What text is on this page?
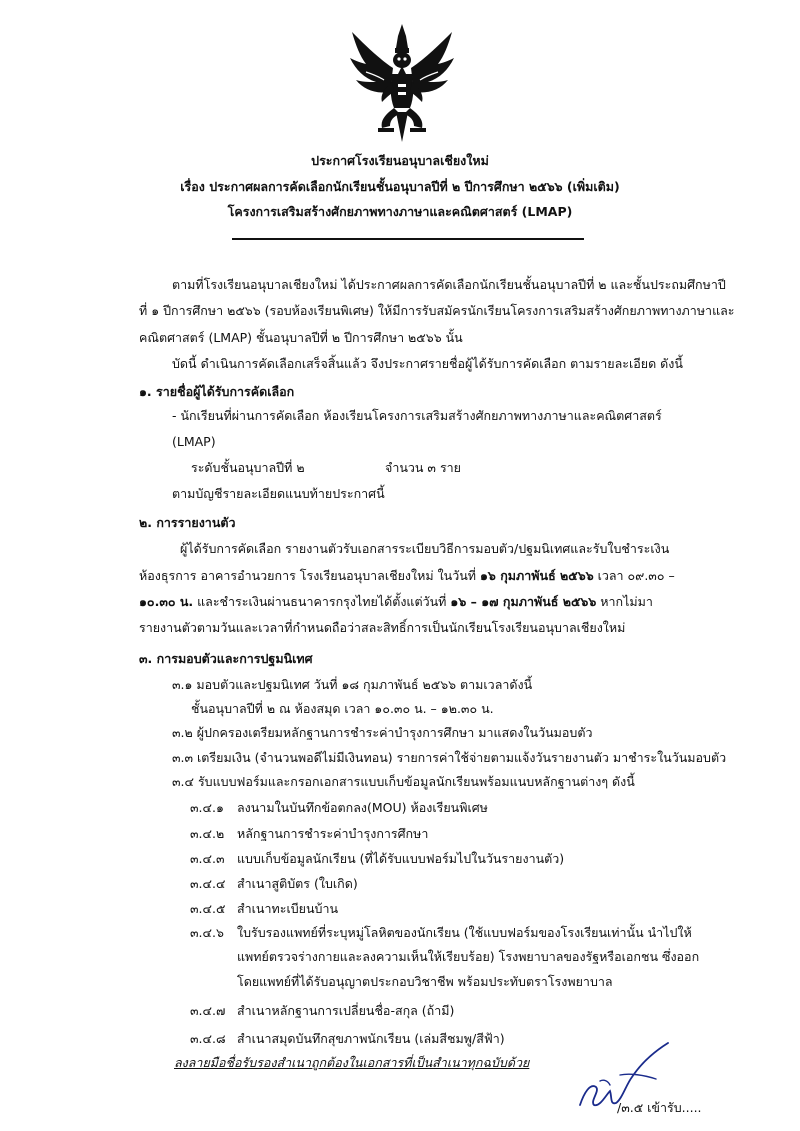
ประกาศโรงเรียนอนุบาลเชียงใหม่
เรื่อง ประกาศผลการคัดเลือกนักเรียนชั้นอนุบาลปีที่ ๒ ปีการศึกษา ๒๕๖๖ (เพิ่มเติม)
โครงการเสริมสร้างศักยภาพทางภาษาและคณิตศาสตร์ (LMAP)
ตามที่โรงเรียนอนุบาลเชียงใหม่ ได้ประกาศผลการคัดเลือกนักเรียนชั้นอนุบาลปีที่ ๒ และชั้นประถมศึกษาปี
ที่ ๑ ปีการศึกษา ๒๕๖๖ (รอบห้องเรียนพิเศษ) ให้มีการรับสมัครนักเรียนโครงการเสริมสร้างศักยภาพทางภาษาและ
คณิตศาสตร์ (LMAP) ชั้นอนุบาลปีที่ ๒ ปีการศึกษา ๒๕๖๖ นั้น
บัดนี้ ดำเนินการคัดเลือกเสร็จสิ้นแล้ว จึงประกาศรายชื่อผู้ได้รับการคัดเลือก ตามรายละเอียด ดังนี้
๑. รายชื่อผู้ได้รับการคัดเลือก
- นักเรียนที่ผ่านการคัดเลือก ห้องเรียนโครงการเสริมสร้างศักยภาพทางภาษาและคณิตศาสตร์
(LMAP)
ระดับชั้นอนุบาลปีที่ ๒	จำนวน ๓ ราย
ตามบัญชีรายละเอียดแนบท้ายประกาศนี้
๒. การรายงานตัว
ผู้ได้รับการคัดเลือก รายงานตัวรับเอกสารระเบียบวิธีการมอบตัว/ปฐมนิเทศและรับใบชำระเงิน
ห้องธุรการ อาคารอำนวยการ โรงเรียนอนุบาลเชียงใหม่ ในวันที่ ๑๖ กุมภาพันธ์ ๒๕๖๖ เวลา ๐๙.๓๐ –
๑๐.๓๐ น. และชำระเงินผ่านธนาคารกรุงไทยได้ตั้งแต่วันที่ ๑๖ – ๑๗ กุมภาพันธ์ ๒๕๖๖ หากไม่มา
รายงานตัวตามวันและเวลาที่กำหนดถือว่าสละสิทธิ์การเป็นนักเรียนโรงเรียนอนุบาลเชียงใหม่
๓. การมอบตัวและการปฐมนิเทศ
๓.๑ มอบตัวและปฐมนิเทศ วันที่ ๑๘ กุมภาพันธ์ ๒๕๖๖ ตามเวลาดังนี้
ชั้นอนุบาลปีที่ ๒ ณ ห้องสมุด เวลา ๑๐.๓๐ น. – ๑๒.๓๐ น.
๓.๒ ผู้ปกครองเตรียมหลักฐานการชำระค่าบำรุงการศึกษา มาแสดงในวันมอบตัว
๓.๓ เตรียมเงิน (จำนวนพอดีไม่มีเงินทอน) รายการค่าใช้จ่ายตามแจ้งวันรายงานตัว มาชำระในวันมอบตัว
๓.๔ รับแบบฟอร์มและกรอกเอกสารแบบเก็บข้อมูลนักเรียนพร้อมแนบหลักฐานต่างๆ ดังนี้
๓.๔.๑ ลงนามในบันทึกข้อตกลง(MOU) ห้องเรียนพิเศษ
๓.๔.๒ หลักฐานการชำระค่าบำรุงการศึกษา
๓.๔.๓ แบบเก็บข้อมูลนักเรียน (ที่ได้รับแบบฟอร์มไปในวันรายงานตัว)
๓.๔.๔ สำเนาสูติบัตร (ใบเกิด)
๓.๔.๕ สำเนาทะเบียนบ้าน
๓.๔.๖ ใบรับรองแพทย์ที่ระบุหมู่โลหิตของนักเรียน (ใช้แบบฟอร์มของโรงเรียนเท่านั้น นำไปให้
แพทย์ตรวจร่างกายและลงความเห็นให้เรียบร้อย) โรงพยาบาลของรัฐหรือเอกชน ซึ่งออก
โดยแพทย์ที่ได้รับอนุญาตประกอบวิชาชีพ พร้อมประทับตราโรงพยาบาล
๓.๔.๗ สำเนาหลักฐานการเปลี่ยนชื่อ-สกุล (ถ้ามี)
๓.๔.๘ สำเนาสมุดบันทึกสุขภาพนักเรียน (เล่มสีชมพู/สีฟ้า)
ลงลายมือชื่อรับรองสำเนาถูกต้องในเอกสารที่เป็นสำเนาทุกฉบับด้วย
/๓.๕ เข้ารับ.....
